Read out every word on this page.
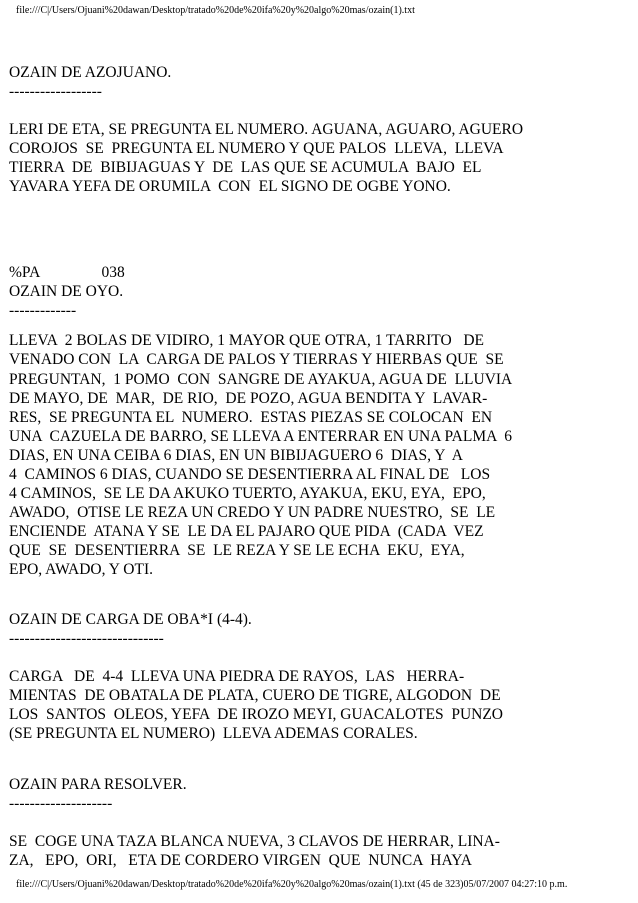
file:///C|/Users/Ojuani%20dawan/Desktop/tratado%20de%20ifa%20y%20algo%20mas/ozain(1).txt
OZAIN DE AZOJUANO.
------------------
LERI DE ETA, SE PREGUNTA EL NUMERO. AGUANA, AGUARO, AGUERO
COROJOS  SE  PREGUNTA EL NUMERO Y QUE PALOS  LLEVA,  LLEVA
TIERRA  DE  BIBIJAGUAS Y  DE  LAS QUE SE ACUMULA  BAJO  EL
YAVARA YEFA DE ORUMILA  CON  EL SIGNO DE OGBE YONO.
%PA                038
OZAIN DE OYO.
-------------
LLEVA  2 BOLAS DE VIDIRO, 1 MAYOR QUE OTRA, 1 TARRITO   DE
VENADO CON  LA  CARGA DE PALOS Y TIERRAS Y HIERBAS QUE  SE
PREGUNTAN,  1 POMO  CON  SANGRE DE AYAKUA, AGUA DE  LLUVIA
DE MAYO, DE  MAR,  DE RIO,  DE POZO, AGUA BENDITA Y  LAVAR-
RES,  SE PREGUNTA EL  NUMERO.  ESTAS PIEZAS SE COLOCAN  EN
UNA  CAZUELA DE BARRO, SE LLEVA A ENTERRAR EN UNA PALMA  6
DIAS, EN UNA CEIBA 6 DIAS, EN UN BIBIJAGUERO 6  DIAS, Y  A
4  CAMINOS 6 DIAS, CUANDO SE DESENTIERRA AL FINAL DE   LOS
4 CAMINOS,  SE LE DA AKUKO TUERTO, AYAKUA, EKU, EYA,  EPO,
AWADO,  OTISE LE REZA UN CREDO Y UN PADRE NUESTRO,  SE  LE
ENCIENDE  ATANA Y SE  LE DA EL PAJARO QUE PIDA  (CADA  VEZ
QUE  SE  DESENTIERRA  SE  LE REZA Y SE LE ECHA  EKU,  EYA,
EPO, AWADO, Y OTI.
OZAIN DE CARGA DE OBA*I (4-4).
------------------------------
CARGA   DE  4-4  LLEVA UNA PIEDRA DE RAYOS,  LAS   HERRA-
MIENTAS  DE OBATALA DE PLATA, CUERO DE TIGRE, ALGODON  DE
LOS  SANTOS  OLEOS, YEFA  DE IROZO MEYI, GUACALOTES  PUNZO
(SE PREGUNTA EL NUMERO)  LLEVA ADEMAS CORALES.
OZAIN PARA RESOLVER.
--------------------
SE  COGE UNA TAZA BLANCA NUEVA, 3 CLAVOS DE HERRAR, LINA-
ZA,   EPO,  ORI,   ETA DE CORDERO VIRGEN  QUE  NUNCA  HAYA
file:///C|/Users/Ojuani%20dawan/Desktop/tratado%20de%20ifa%20y%20algo%20mas/ozain(1).txt (45 de 323)05/07/2007 04:27:10 p.m.
